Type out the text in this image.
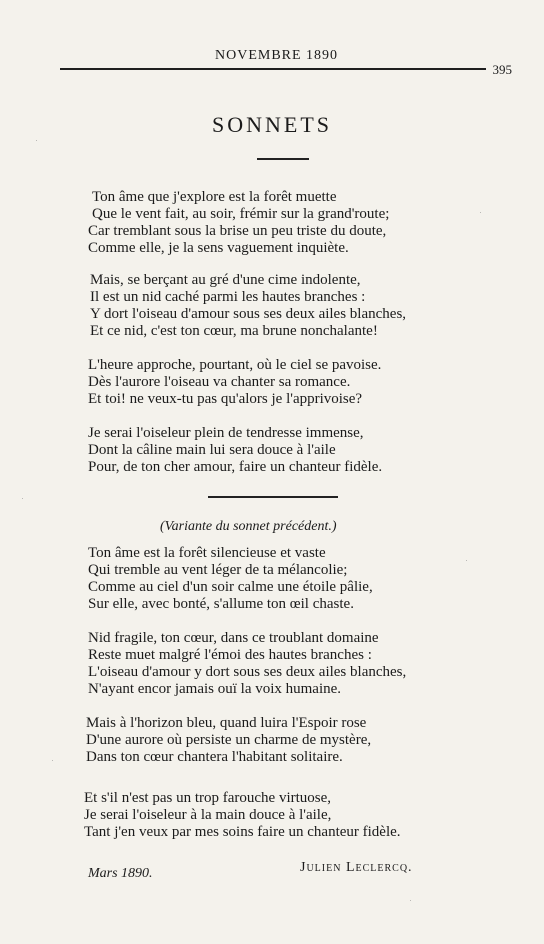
NOVEMBRE 1890
395
SONNETS
Ton âme que j'explore est la forêt muette
Que le vent fait, au soir, frémir sur la grand'route;
Car tremblant sous la brise un peu triste du doute,
Comme elle, je la sens vaguement inquiète.
Mais, se berçant au gré d'une cime indolente,
Il est un nid caché parmi les hautes branches :
Y dort l'oiseau d'amour sous ses deux ailes blanches,
Et ce nid, c'est ton cœur, ma brune nonchalante!
L'heure approche, pourtant, où le ciel se pavoise.
Dès l'aurore l'oiseau va chanter sa romance.
Et toi! ne veux-tu pas qu'alors je l'apprivoise?
Je serai l'oiseleur plein de tendresse immense,
Dont la câline main lui sera douce à l'aile
Pour, de ton cher amour, faire un chanteur fidèle.
(Variante du sonnet précédent.)
Ton âme est la forêt silencieuse et vaste
Qui tremble au vent léger de ta mélancolie;
Comme au ciel d'un soir calme une étoile pâlie,
Sur elle, avec bonté, s'allume ton œil chaste.
Nid fragile, ton cœur, dans ce troublant domaine
Reste muet malgré l'émoi des hautes branches :
L'oiseau d'amour y dort sous ses deux ailes blanches,
N'ayant encor jamais ouï la voix humaine.
Mais à l'horizon bleu, quand luira l'Espoir rose
D'une aurore où persiste un charme de mystère,
Dans ton cœur chantera l'habitant solitaire.
Et s'il n'est pas un trop farouche virtuose,
Je serai l'oiseleur à la main douce à l'aile,
Tant j'en veux par mes soins faire un chanteur fidèle.
Mars 1890.	Julien Leclercq.
